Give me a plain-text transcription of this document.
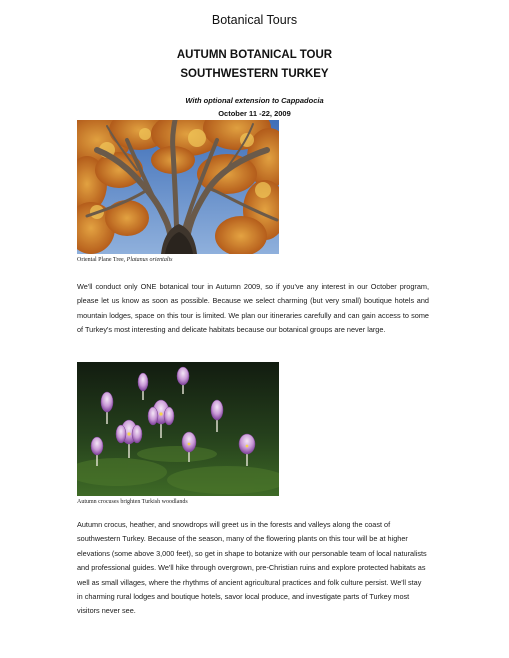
Botanical Tours
AUTUMN BOTANICAL TOUR
SOUTHWESTERN TURKEY
With optional extension to Cappadocia
October 11 -22, 2009
Oriental Plane Tree, Platanus orientalis
We'll conduct only ONE botanical tour in Autumn 2009, so if you've any interest in our October program, please let us know as soon as possible. Because we select charming (but very small) boutique hotels and mountain lodges, space on this tour is limited. We plan our itineraries carefully and can gain access to some of Turkey's most interesting and delicate habitats because our botanical groups are never large.
Autumn crocuses brighten Turkish woodlands
Autumn crocus, heather, and snowdrops will greet us in the forests and valleys along the coast of southwestern Turkey. Because of the season, many of the flowering plants on this tour will be at higher elevations (some above 3,000 feet), so get in shape to botanize with our personable team of local naturalists and professional guides. We'll hike through overgrown, pre-Christian ruins and explore protected habitats as well as small villages, where the rhythms of ancient agricultural practices and folk culture persist. We'll stay in charming rural lodges and boutique hotels, savor local produce, and investigate parts of Turkey most visitors never see.
